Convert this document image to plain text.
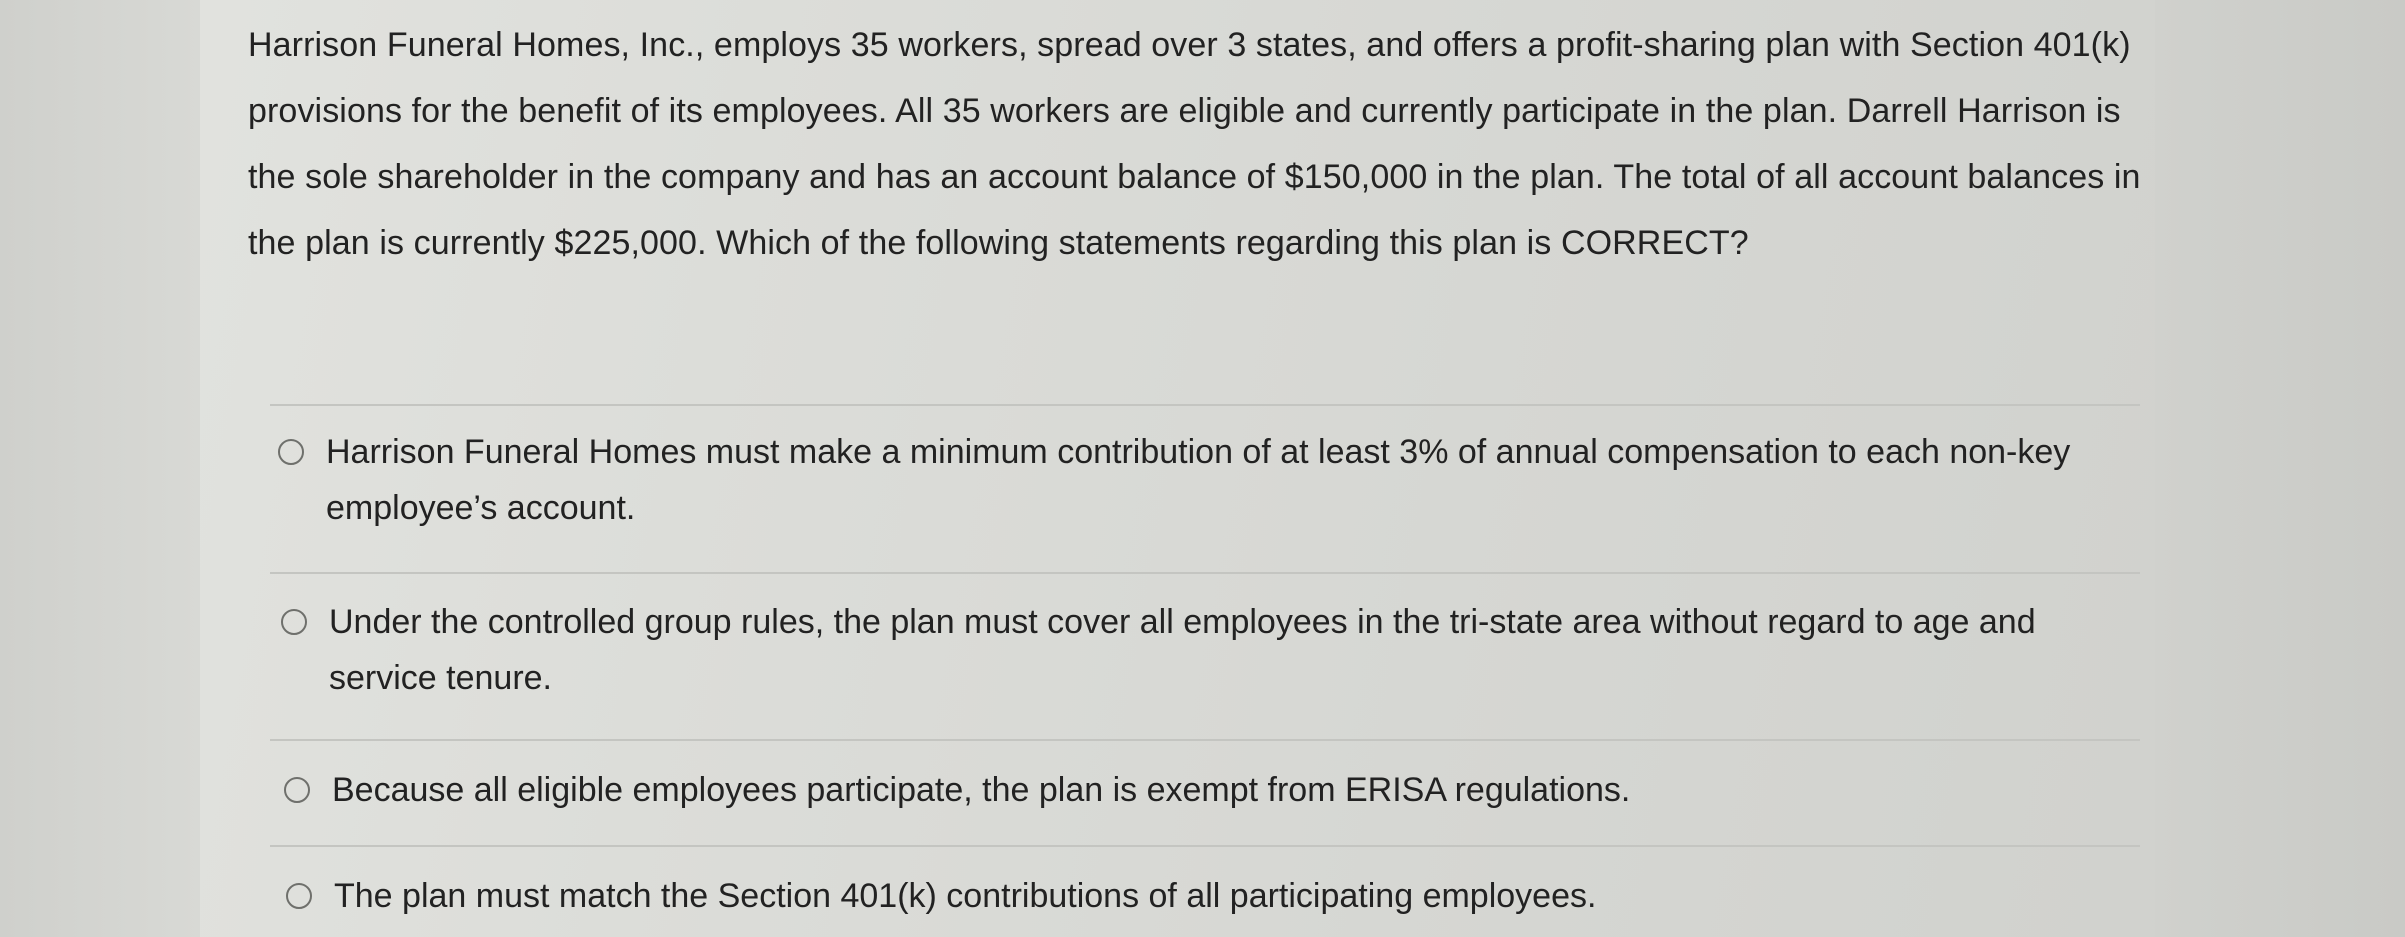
Harrison Funeral Homes, Inc., employs 35 workers, spread over 3 states, and offers a profit-sharing plan with Section 401(k) provisions for the benefit of its employees. All 35 workers are eligible and currently participate in the plan. Darrell Harrison is the sole shareholder in the company and has an account balance of $150,000 in the plan. The total of all account balances in the plan is currently $225,000. Which of the following statements regarding this plan is CORRECT?
Harrison Funeral Homes must make a minimum contribution of at least 3% of annual compensation to each non-key employee’s account.
Under the controlled group rules, the plan must cover all employees in the tri-state area without regard to age and service tenure.
Because all eligible employees participate, the plan is exempt from ERISA regulations.
The plan must match the Section 401(k) contributions of all participating employees.
